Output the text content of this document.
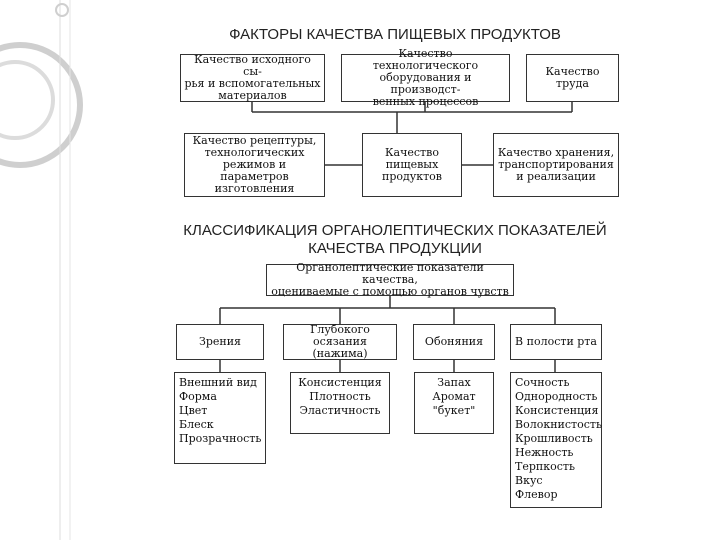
ФАКТОРЫ КАЧЕСТВА ПИЩЕВЫХ ПРОДУКТОВ
Качество исходного сы-
рья и вспомогательных
материалов
Качество технологического
оборудования и производст-
венных процессов
Качество труда
Качество рецептуры,
технологических
режимов и параметров
изготовления
Качество
пищевых
продуктов
Качество хранения,
транспортирования
и реализации
КЛАССИФИКАЦИЯ ОРГАНОЛЕПТИЧЕСКИХ ПОКАЗАТЕЛЕЙ
КАЧЕСТВА ПРОДУКЦИИ
Органолептические показатели качества,
оцениваемые с помощью органов чувств
Зрения
Глубокого осязания
(нажима)
Обоняния	В полости рта
Внешний вид
Форма
Цвет
Блеск
Прозрачность
Консистенция
Плотность
Эластичность
Запах
Аромат
"букет"
Сочность
Однородность
Консистенция
Волокнистость
Крошливость
Нежность
Терпкость
Вкус
Флевор
